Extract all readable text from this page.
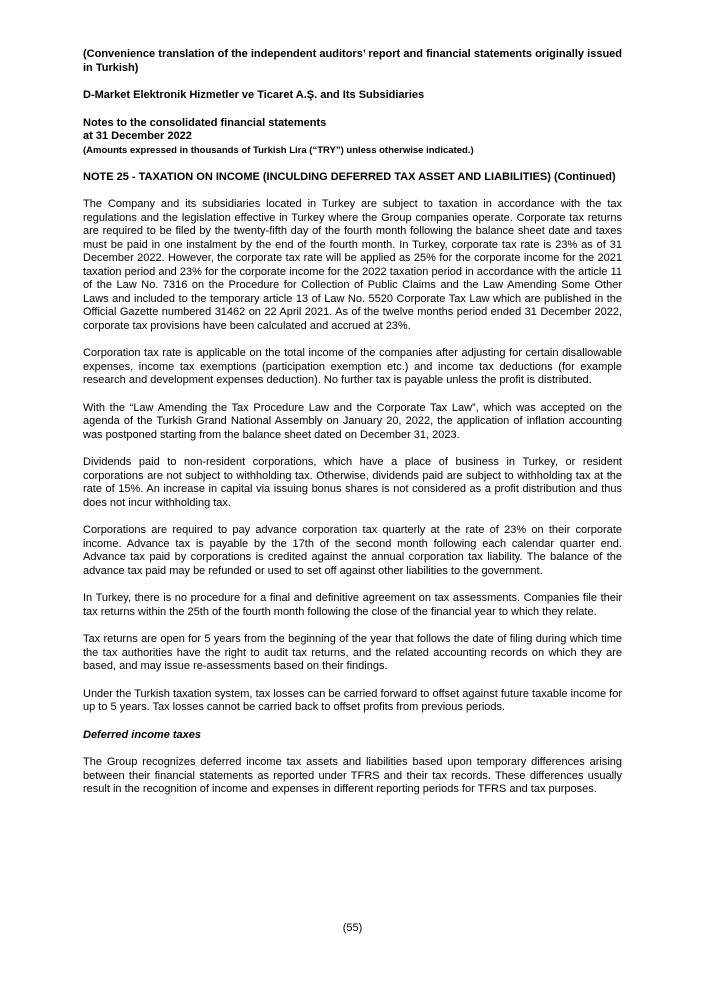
(Convenience translation of the independent auditors’ report and financial statements originally issued in Turkish)

D-Market Elektronik Hizmetler ve Ticaret A.Ş. and Its Subsidiaries

Notes to the consolidated financial statements
at 31 December 2022
(Amounts expressed in thousands of Turkish Lira (“TRY”) unless otherwise indicated.)

NOTE 25 - TAXATION ON INCOME (INCULDING DEFERRED TAX ASSET AND LIABILITIES) (Continued)

The Company and its subsidiaries located in Turkey are subject to taxation in accordance with the tax regulations and the legislation effective in Turkey where the Group companies operate. Corporate tax returns are required to be filed by the twenty-fifth day of the fourth month following the balance sheet date and taxes must be paid in one instalment by the end of the fourth month. In Turkey, corporate tax rate is 23% as of 31 December 2022. However, the corporate tax rate will be applied as 25% for the corporate income for the 2021 taxation period and 23% for the corporate income for the 2022 taxation period in accordance with the article 11 of the Law No. 7316 on the Procedure for Collection of Public Claims and the Law Amending Some Other Laws and included to the temporary article 13 of Law No. 5520 Corporate Tax Law which are published in the Official Gazette numbered 31462 on 22 April 2021. As of the twelve months period ended 31 December 2022, corporate tax provisions have been calculated and accrued at 23%.

Corporation tax rate is applicable on the total income of the companies after adjusting for certain disallowable expenses, income tax exemptions (participation exemption etc.) and income tax deductions (for example research and development expenses deduction). No further tax is payable unless the profit is distributed.

With the “Law Amending the Tax Procedure Law and the Corporate Tax Law”, which was accepted on the agenda of the Turkish Grand National Assembly on January 20, 2022, the application of inflation accounting was postponed starting from the balance sheet dated on December 31, 2023.

Dividends paid to non-resident corporations, which have a place of business in Turkey, or resident corporations are not subject to withholding tax. Otherwise, dividends paid are subject to withholding tax at the rate of 15%. An increase in capital via issuing bonus shares is not considered as a profit distribution and thus does not incur withholding tax.

Corporations are required to pay advance corporation tax quarterly at the rate of 23% on their corporate income. Advance tax is payable by the 17th of the second month following each calendar quarter end. Advance tax paid by corporations is credited against the annual corporation tax liability. The balance of the advance tax paid may be refunded or used to set off against other liabilities to the government.

In Turkey, there is no procedure for a final and definitive agreement on tax assessments. Companies file their tax returns within the 25th of the fourth month following the close of the financial year to which they relate.

Tax returns are open for 5 years from the beginning of the year that follows the date of filing during which time the tax authorities have the right to audit tax returns, and the related accounting records on which they are based, and may issue re-assessments based on their findings.

Under the Turkish taxation system, tax losses can be carried forward to offset against future taxable income for up to 5 years. Tax losses cannot be carried back to offset profits from previous periods.

Deferred income taxes

The Group recognizes deferred income tax assets and liabilities based upon temporary differences arising between their financial statements as reported under TFRS and their tax records. These differences usually result in the recognition of income and expenses in different reporting periods for TFRS and tax purposes.

(55)
